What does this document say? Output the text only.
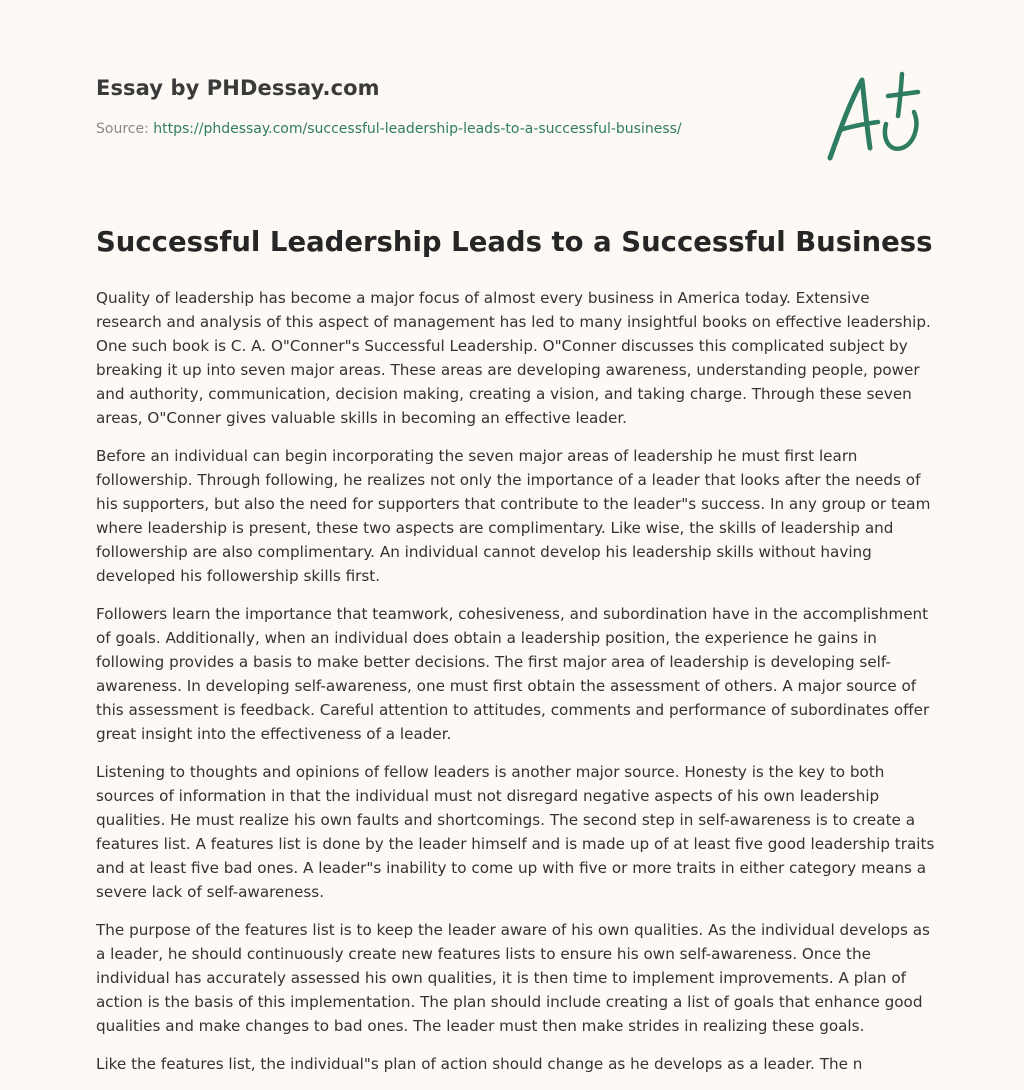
Essay by PHDessay.com
Source: https://phdessay.com/successful-leadership-leads-to-a-successful-business/
Successful Leadership Leads to a Successful Business

Quality of leadership has become a major focus of almost every business in America today. Extensive research and analysis of this aspect of management has led to many insightful books on effective leadership. One such book is C. A. O"Conner"s Successful Leadership. O"Conner discusses this complicated subject by breaking it up into seven major areas. These areas are developing awareness, understanding people, power and authority, communication, decision making, creating a vision, and taking charge. Through these seven areas, O"Conner gives valuable skills in becoming an effective leader.

Before an individual can begin incorporating the seven major areas of leadership he must first learn followership. Through following, he realizes not only the importance of a leader that looks after the needs of his supporters, but also the need for supporters that contribute to the leader"s success. In any group or team where leadership is present, these two aspects are complimentary. Like wise, the skills of leadership and followership are also complimentary. An individual cannot develop his leadership skills without having developed his followership skills first.

Followers learn the importance that teamwork, cohesiveness, and subordination have in the accomplishment of goals. Additionally, when an individual does obtain a leadership position, the experience he gains in following provides a basis to make better decisions. The first major area of leadership is developing self-awareness. In developing self-awareness, one must first obtain the assessment of others. A major source of this assessment is feedback. Careful attention to attitudes, comments and performance of subordinates offer great insight into the effectiveness of a leader.

Listening to thoughts and opinions of fellow leaders is another major source. Honesty is the key to both sources of information in that the individual must not disregard negative aspects of his own leadership qualities. He must realize his own faults and shortcomings. The second step in self-awareness is to create a features list. A features list is done by the leader himself and is made up of at least five good leadership traits and at least five bad ones. A leader"s inability to come up with five or more traits in either category means a severe lack of self-awareness.

The purpose of the features list is to keep the leader aware of his own qualities. As the individual develops as a leader, he should continuously create new features lists to ensure his own self-awareness. Once the individual has accurately assessed his own qualities, it is then time to implement improvements. A plan of action is the basis of this implementation. The plan should include creating a list of goals that enhance good qualities and make changes to bad ones. The leader must then make strides in realizing these goals.

Like the features list, the individual"s plan of action should change as he develops as a leader. The n
